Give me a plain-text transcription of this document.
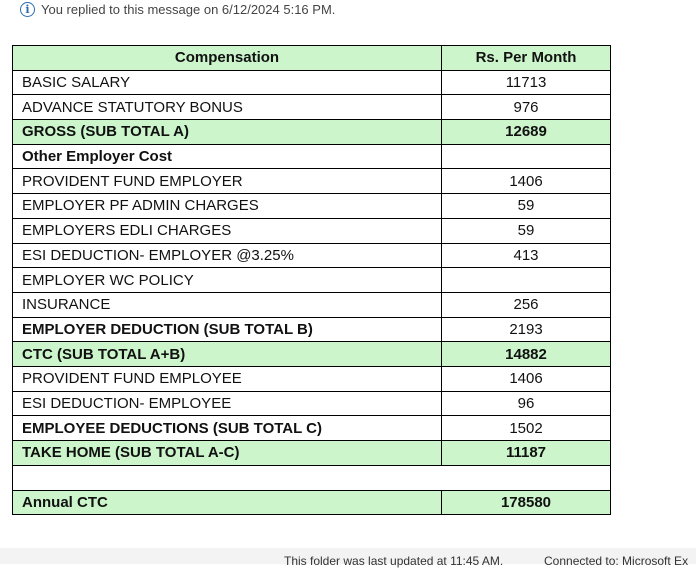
i You replied to this message on 6/12/2024 5:16 PM.
Compensation	Rs. Per Month
BASIC SALARY	11713
ADVANCE STATUTORY BONUS	976
GROSS (SUB TOTAL A)	12689
Other Employer Cost	
PROVIDENT FUND EMPLOYER	1406
EMPLOYER PF ADMIN CHARGES	59
EMPLOYERS EDLI CHARGES	59
ESI DEDUCTION- EMPLOYER @3.25%	413
EMPLOYER WC POLICY	
INSURANCE	256
EMPLOYER DEDUCTION (SUB TOTAL B)	2193
CTC (SUB TOTAL A+B)	14882
PROVIDENT FUND EMPLOYEE	1406
ESI DEDUCTION- EMPLOYEE	96
EMPLOYEE DEDUCTIONS (SUB TOTAL C)	1502
TAKE HOME (SUB TOTAL A-C)	11187

Annual CTC	178580
This folder was last updated at 11:45 AM.	Connected to: Microsoft Ex
